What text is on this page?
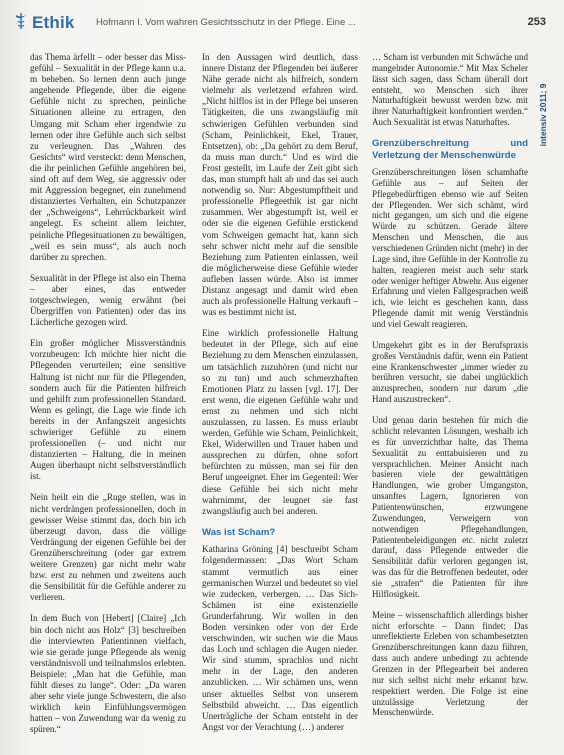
Ethik Hofmann I. Vom wahren Gesichtsschutz in der Pflege. Eine ...	253
intensiv 2011; 9

das Thema ärfellt – oder besser das Missgefühl – Sexualität in der Pflege kann u.a. m beheben. So lernen denn auch junge angehende Pflegende, über die eigene Gefühle nicht zu sprechen, peinliche Situationen alleine zu ertragen, den Umgang mit Scham eher irgendwie zu lernen oder ihre Gefühle auch sich selbst zu verleugnen. Das „Wahren des Gesichts“ wird versteckt: denn Menschen, die ihr peinlichen Gefühle angehören bei, sind oft auf dem Weg, sie aggressiv oder mit Aggression begegnet, ein zunehmend distanziertes Verhalten, ein Schutzpanzer der „Schweigens“, Lehrrückbarkeit wird angelegt. Es scheint allem leichter, peinliche Pflegesituationen zu bewältigen, „weil es sein muss“, als auch noch darüber zu sprechen.

Sexualität in der Pflege ist also ein Thema – aber eines, das entweder totgeschwiegen, wenig erwähnt (bei Übergriffen von Patienten) oder das ins Lächerliche gezogen wird.

Ein großer möglicher Missverständnis vorzubeugen: Ich möchte hier nicht die Pflegenden verurteilen; eine sensitive Haltung ist nicht nur für die Pflegenden, sondern auch für die Patienten hilfreich und gehilft zum professionellen Standard. Wenn es gelingt, die Lage wie finde ich bereits in der Anfangszeit angesichts schwieriger Gefühle zu einem professionellen (– und nicht nur distanzierten – Haltung, die in meinen Augen überhaupt nicht selbstverständlich ist.

Nein heilt ein die „Ruge stellen, was in nicht verdrängen professionellen, doch in gewisser Weise stimmt das, doch bin ich überzeugt davon, dass die völlige Verdrängung der eigenen Gefühle bei der Grenzüberschreitung (oder gar extrem weitere Grenzen) gar nicht mehr wahr bzw. erst zu nehmen und zweitens auch die Sensibilität für die Gefühle anderer zu verlieren.

In dem Buch von [Hebert] [Claire] „Ich bin doch nicht aus Holz“ [3] beschreiben die interviewten Patientinnen vielfach, wie sie gerade junge Pflegende als wenig verständnisvoll und teilnahmslos erlebten. Beispiele: „Man hat die Gefühle, man fühlt dieses zu lange“. Oder: „Da waren aber sehr viele junge Schwestern, die also wirklich kein Einfühlungsvermögen hatten – von Zuwendung war da wenig zu spüren.“

In den Aussagen wird deutlich, dass innere Distanz der Pflegenden bei äußerer Nähe gerade nicht als hilfreich, sondern vielmehr als verletzend erfahren wird. „Nicht hilflos ist in der Pflege bei unseren Tätigkeiten, die uns zwangsläufig mit schwierigen Gefühlen verbunden sind (Scham, Peinlichkeit, Ekel, Trauer, Entsetzen), ob: „Da gehört zu dem Beruf, da muss man durch.“ Und es wird die Frost gestellt, im Laufe der Zeit gibt sich das, man stumpft halt ab und das sei auch notwendig so. Nur: Abgestumpftheit und professionelle Pflegeethik ist gar nicht zusammen. Wer abgestumpft ist, weil er oder sie die eigenen Gefühle erstickend vom Schweigen gemacht hat, kann sich sehr schwer nicht mehr auf die sensible Beziehung zum Patienten einlassen, weil die möglicherweise diese Gefühle wieder aufleben lassen würde. Also ist immer Distanz angesagt und damit wird eben auch als professionelle Haltung verkauft – was es bestimmt nicht ist.

Eine wirklich professionelle Haltung bedeutet in der Pflege, sich auf eine Beziehung zu dem Menschen einzulassen, um tatsächlich zuzuhören (und nicht nur so zu tun) und auch schmerzhaften Emotionen Platz zu lassen [vgl. 17]. Der erst wenn, die eigenen Gefühle wahr und ernst zu nehmen und sich nicht auszulassen, zu lassen. Es muss erlaubt werden, Gefühle wie Scham, Peinlichkeit, Ekel, Widerwillen und Trauer haben und aussprechen zu dürfen, ohne sofort befürchten zu müssen, man sei für den Beruf ungeeignet. Eher im Gegenteil: Wer diese Gefühle bei sich nicht mehr wahrnimmt, der leugnet sie fast zwangsläufig auch bei anderen.

Was ist Scham?

Katharina Gröning [4] beschreibt Scham folgendermassen: „Das Wort Scham stammt vermutlich aus einer germanischen Wurzel und bedeutet so viel wie zudecken, verbergen. … Das Sich-Schämen ist eine existenzielle Grunderfahrung. Wir wollen in den Boden versinken oder von der Erde verschwinden, wir suchen wie die Maus das Loch und schlagen die Augen nieder. Wir sind stumm, sprachlos und nicht mehr in der Lage, den anderen anzublicken. … Wir schämen uns, wenn unser aktuelles Selbst von unserem Selbstbild abweicht. … Das eigentlich Unerträgliche der Scham entsteht in der Angst vor der Verachtung (…) anderer

… Scham ist verbunden mit Schwäche und mangelnder Autonomie.“ Mit Max Scheler lässt sich sagen, dass Scham überall dort entsteht, wo Menschen sich ihrer Naturhaftigkeit bewusst werden bzw. mit ihrer Naturhaftigkeit konfrontiert werden.“ Auch Sexualität ist etwas Naturhaftes.

Grenzüberschreitung und Verletzung der Menschenwürde

Grenzüberschreitungen lösen schamhafte Gefühle aus – auf Seiten der Pflegebedürftigen ebenso wie auf Seiten der Pflegenden. Wer sich schämt, wird nicht gegangen, um sich und die eigene Würde zu schützen. Gerade ältere Menschen und Menschen, die aus verschiedenen Gründen nicht (mehr) in der Lage sind, ihre Gefühle in der Kontrolle zu halten, reagieren meist auch sehr stark oder weniger heftiger Abwehr. Aus eigener Erfahrung und vielen Fallgesprachen weiß ich, wie leicht es geschehen kann, dass Pflegende damit mit wenig Verständnis und viel Gewalt reagieren.

Umgekehrt gibt es in der Berufspraxis großes Verständnis dafür, wenn ein Patient eine Krankenschwester „immer wieder zu berühren versucht, sie dabei unglücklich anzusprechen, sondern nur darum „die Hand auszustrecken“.

Und genau darin bestehen für mich die schlicht relevanten Lösungen, weshalb ich es für unverzichtbar halte, das Thema Sexualität zu enttabuisieren und zu versprachlichen. Meiner Ansicht nach basieren viele der gewalttätigen Handlungen, wie grober Umgangston, unsanftes Lagern, Ignorieren von Patientenwünschen, erzwungene Zuwendungen, Verweigern von notwendigen Pflegehandlungen, Patientenbeleidigungen etc. nicht zuletzt darauf, dass Pflegende entweder die Sensibilität dafür verloren gegangen ist, was das für die Betroffenen bedeutet, oder sie „strafen“ die Patienten für ihre Hilflosigkeit.

Meine – wissenschaftlich allerdings bisher nicht erforschte – Dann findet: Das unreflektierte Erleben von schambesetzten Grenzüberschreitungen kann dazu führen, dass auch andere unbedingt zu achtende Grenzen in der Pflegearbeit bei anderen nur sich selbst nicht mehr erkannt bzw. respektiert werden. Die Folge ist eine unzulässige Verletzung der Menschenwürde.
